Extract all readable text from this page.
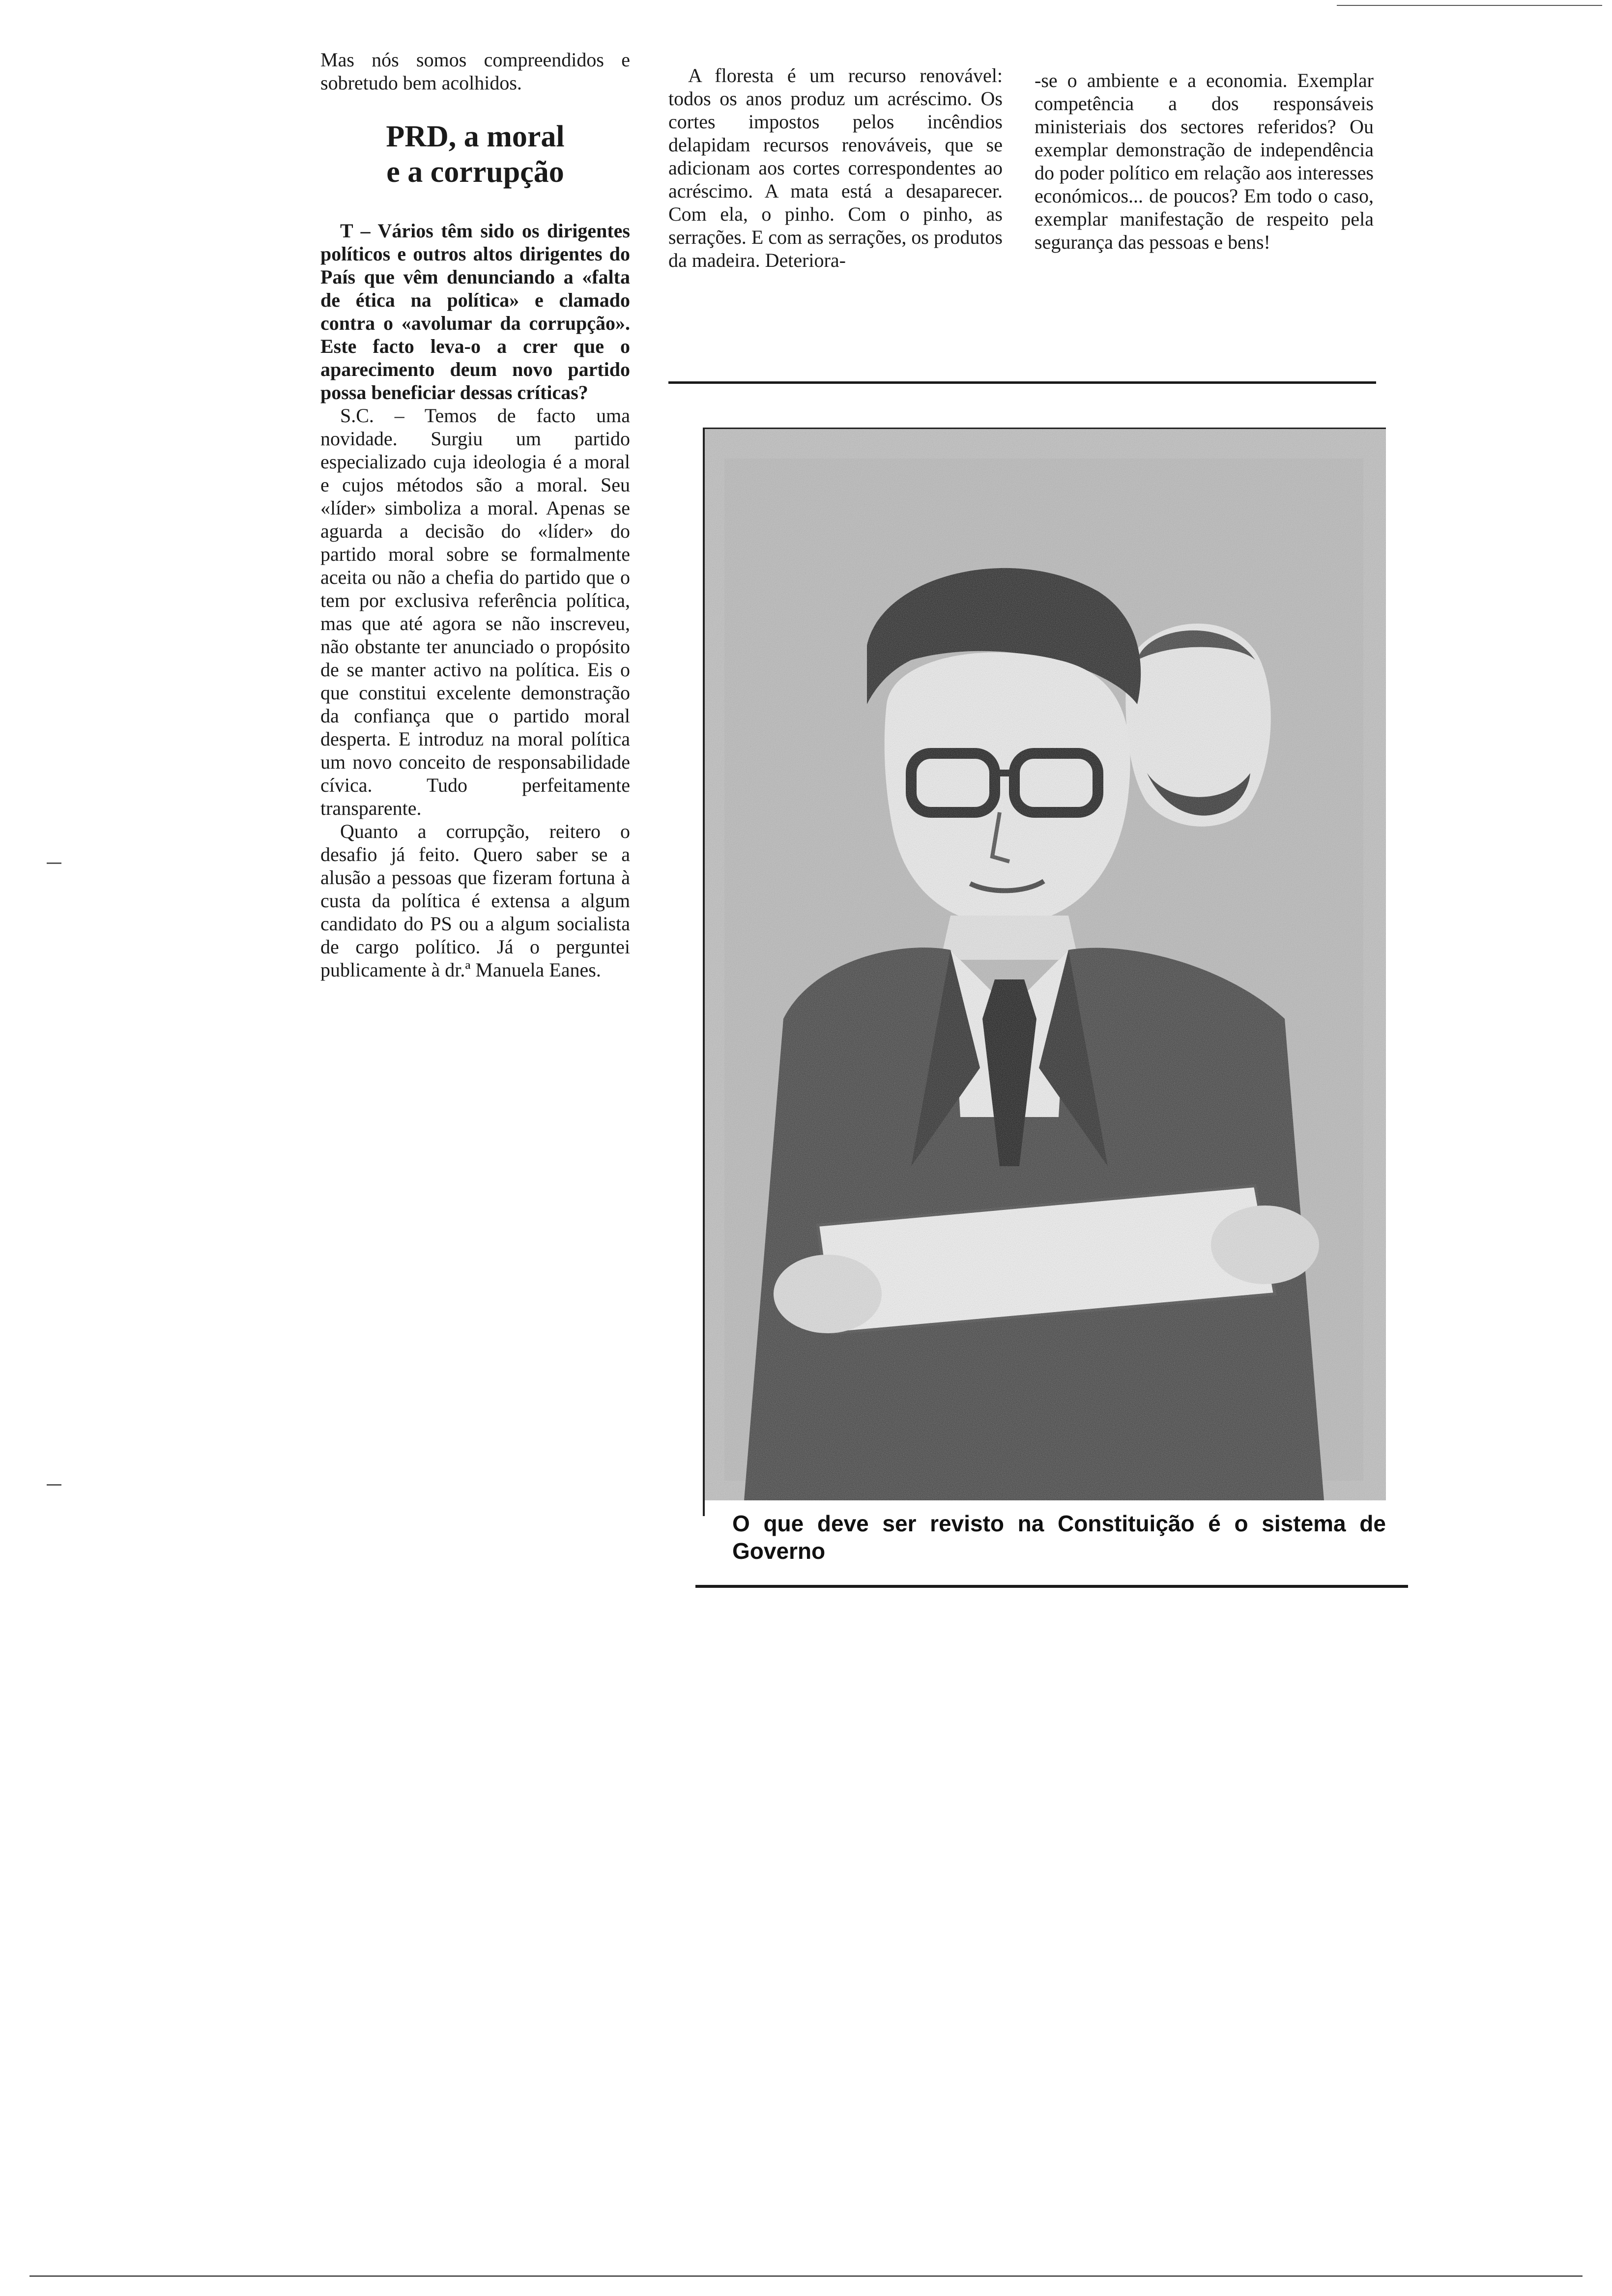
Mas nós somos compreendidos e sobretudo bem acolhidos.

PRD, a moral
e a corrupção

T – Vários têm sido os dirigentes políticos e outros altos dirigentes do País que vêm denunciando a «falta de ética na política» e clamado contra o «avolumar da corrupção». Este facto leva-o a crer que o aparecimento deum novo partido possa beneficiar dessas críticas?

S.C. – Temos de facto uma novidade. Surgiu um partido especializado cuja ideologia é a moral e cujos métodos são a moral. Seu «líder» simboliza a moral. Apenas se aguarda a decisão do «líder» do partido moral sobre se formalmente aceita ou não a chefia do partido que o tem por exclusiva referência política, mas que até agora se não inscreveu, não obstante ter anunciado o propósito de se manter activo na política. Eis o que constitui excelente demonstração da confiança que o partido moral desperta. E introduz na moral política um novo conceito de responsabilidade cívica. Tudo perfeitamente transparente.

Quanto a corrupção, reitero o desafio já feito. Quero saber se a alusão a pessoas que fizeram fortuna à custa da política é extensa a algum candidato do PS ou a algum socialista de cargo político. Já o perguntei publicamente à dr.ª Manuela Eanes.

A floresta é um recurso renovável: todos os anos produz um acréscimo. Os cortes impostos pelos incêndios delapidam recursos renováveis, que se adicionam aos cortes correspondentes ao acréscimo. A mata está a desaparecer. Com ela, o pinho. Com o pinho, as serrações. E com as serrações, os produtos da madeira. Deteriora-

-se o ambiente e a economia. Exemplar competência a dos responsáveis ministeriais dos sectores referidos? Ou exemplar demonstração de independência do poder político em relação aos interesses económicos... de poucos? Em todo o caso, exemplar manifestação de respeito pela segurança das pessoas e bens!

O que deve ser revisto na Constituição é o sistema de Governo
